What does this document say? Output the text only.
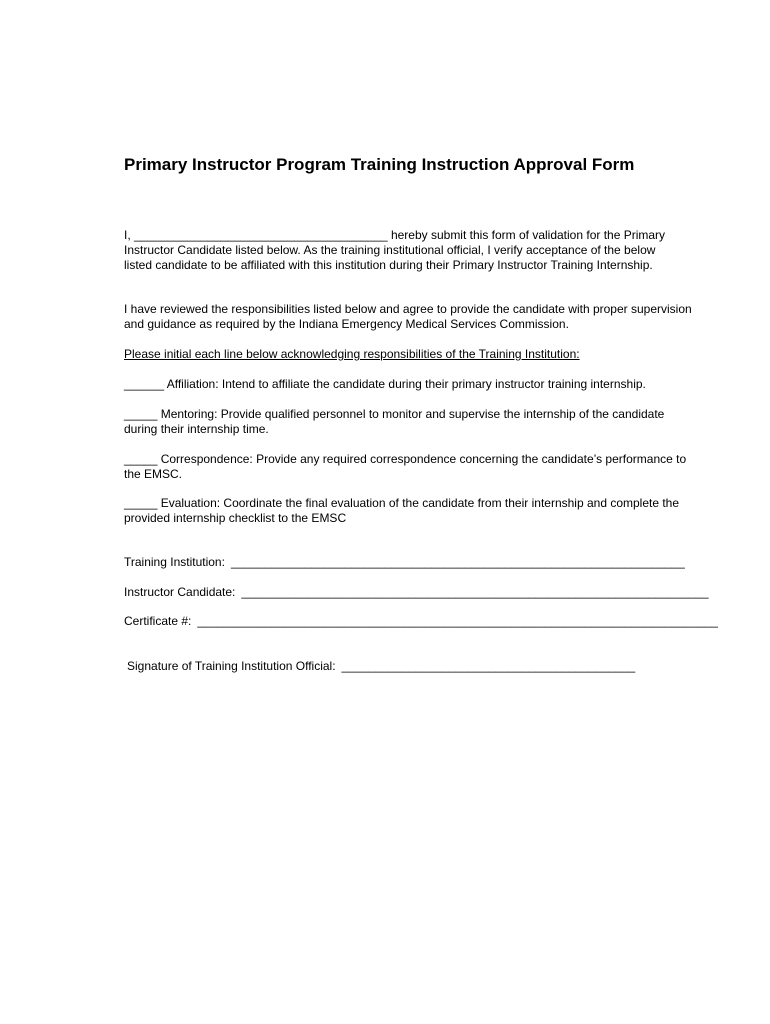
Primary Instructor Program Training Instruction Approval Form
I, ______________________________________ hereby submit this form of validation for the Primary
Instructor Candidate listed below. As the training institutional official, I verify acceptance of the below
listed candidate to be affiliated with this institution during their Primary Instructor Training Internship.
I have reviewed the responsibilities listed below and agree to provide the candidate with proper supervision
and guidance as required by the Indiana Emergency Medical Services Commission.
Please initial each line below acknowledging responsibilities of the Training Institution:
______ Affiliation: Intend to affiliate the candidate during their primary instructor training internship.
_____ Mentoring: Provide qualified personnel to monitor and supervise the internship of the candidate
during their internship time.
_____ Correspondence: Provide any required correspondence concerning the candidate’s performance to
the EMSC.
_____ Evaluation: Coordinate the final evaluation of the candidate from their internship and complete the
provided internship checklist to the EMSC
Training Institution: ____________________________________________________________________
Instructor Candidate: ______________________________________________________________________
Certificate #: ______________________________________________________________________________
Signature of Training Institution Official: ____________________________________________
